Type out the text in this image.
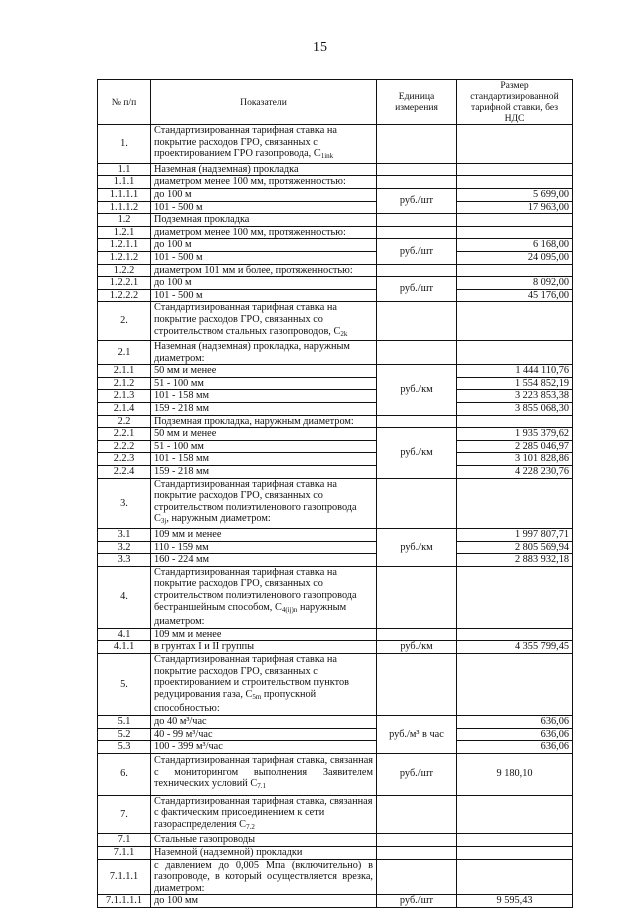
15
№ п/п	Показатели	Единица измерения	Размер стандартизированной тарифной ставки, без НДС
1.	Стандартизированная тарифная ставка на покрытие расходов ГРО, связанных с проектированием ГРО газопровода, $C_{1ink}$		
1.1	Наземная (надземная) прокладка		
1.1.1	диаметром менее 100 мм, протяженностью:		
1.1.1.1	до 100 м	руб./шт	5 699,00
1.1.1.2	101 - 500 м		17 963,00
1.2	Подземная прокладка		
1.2.1	диаметром менее 100 мм, протяженностью:		
1.2.1.1	до 100 м	руб./шт	6 168,00
1.2.1.2	101 - 500 м		24 095,00
1.2.2	диаметром 101 мм и более, протяженностью:		
1.2.2.1	до 100 м	руб./шт	8 092,00
1.2.2.2	101 - 500 м		45 176,00
2.	Стандартизированная тарифная ставка на покрытие расходов ГРО, связанных со строительством стальных газопроводов, $C_{2k}$		
2.1	Наземная (надземная) прокладка, наружным диаметром:		
2.1.1	50 мм и менее	руб./км	1 444 110,76
2.1.2	51 - 100 мм		1 554 852,19
2.1.3	101 - 158 мм		3 223 853,38
2.1.4	159 - 218 мм		3 855 068,30
2.2	Подземная прокладка, наружным диаметром:		
2.2.1	50 мм и менее	руб./км	1 935 379,62
2.2.2	51 - 100 мм		2 285 046,97
2.2.3	101 - 158 мм		3 101 828,86
2.2.4	159 - 218 мм		4 228 230,76
3.	Стандартизированная тарифная ставка на покрытие расходов ГРО, связанных со строительством полиэтиленового газопровода $C_{3j}$, наружным диаметром:		
3.1	109 мм и менее	руб./км	1 997 807,71
3.2	110 - 159 мм		2 805 569,94
3.3	160 - 224 мм		2 883 932,18
4.	Стандартизированная тарифная ставка на покрытие расходов ГРО, связанных со строительством полиэтиленового газопровода бестраншейным способом, $C_{4(ij)n}$ наружным диаметром:		
4.1	109 мм и менее		
4.1.1	в грунтах I и II группы	руб./км	4 355 799,45
5.	Стандартизированная тарифная ставка на покрытие расходов ГРО, связанных с проектированием и строительством пунктов редуцирования газа, $C_{5m}$ пропускной способностью:		
5.1	до 40 м³/час	руб./м³ в час	636,06
5.2	40 - 99 м³/час		636,06
5.3	100 - 399 м³/час		636,06
6.	Стандартизированная тарифная ставка, связанная с мониторингом выполнения Заявителем технических условий $C_{7.1}$	руб./шт	9 180,10
7.	Стандартизированная тарифная ставка, связанная с фактическим присоединением к сети газораспределения $C_{7.2}$		
7.1	Стальные газопроводы		
7.1.1	Наземной (надземной) прокладки		
7.1.1.1	с давлением до 0,005 Мпа (включительно) в газопроводе, в который осуществляется врезка, диаметром:		
7.1.1.1.1	до 100 мм	руб./шт	9 595,43
